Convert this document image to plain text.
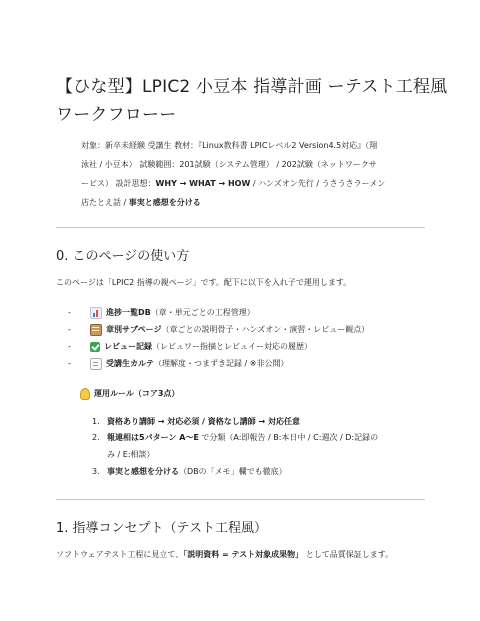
【ひな型】LPIC2 小豆本 指導計画 ーテスト工程風
ワークフローー
対象：新卒未経験 受講生 教材：『Linux教科書 LPICレベル2 Version4.5対応』（翔
泳社 / 小豆本） 試験範囲：201試験（システム管理） / 202試験（ネットワークサ
ービス） 設計思想：WHY → WHAT → HOW / ハンズオン先行 / うさうさラーメン
店たとえ話 / 事実と感想を分ける
0. このページの使い方
このページは「LPIC2 指導の親ページ」です。配下に以下を入れ子で運用します。
-	進捗一覧DB （章・単元ごとの工程管理）
-	章別サブページ （章ごとの説明骨子・ハンズオン・演習・レビュー観点）
-	レビュー記録 （レビュワー指摘とレビュイー対応の履歴）
-	受講生カルテ （理解度・つまずき記録 / ※非公開）
運用ルール（コア3点）
1. 資格あり講師 → 対応必須 / 資格なし講師 → 対応任意
2. 報連相は5パターン A〜E で分類（A:即報告 / B:本日中 / C:週次 / D:記録の
み / E:相談）
3. 事実と感想を分ける（DBの「メモ」欄でも徹底）
1. 指導コンセプト（テスト工程風）
ソフトウェアテスト工程に見立て、「説明資料 = テスト対象成果物」 として品質保証します。
